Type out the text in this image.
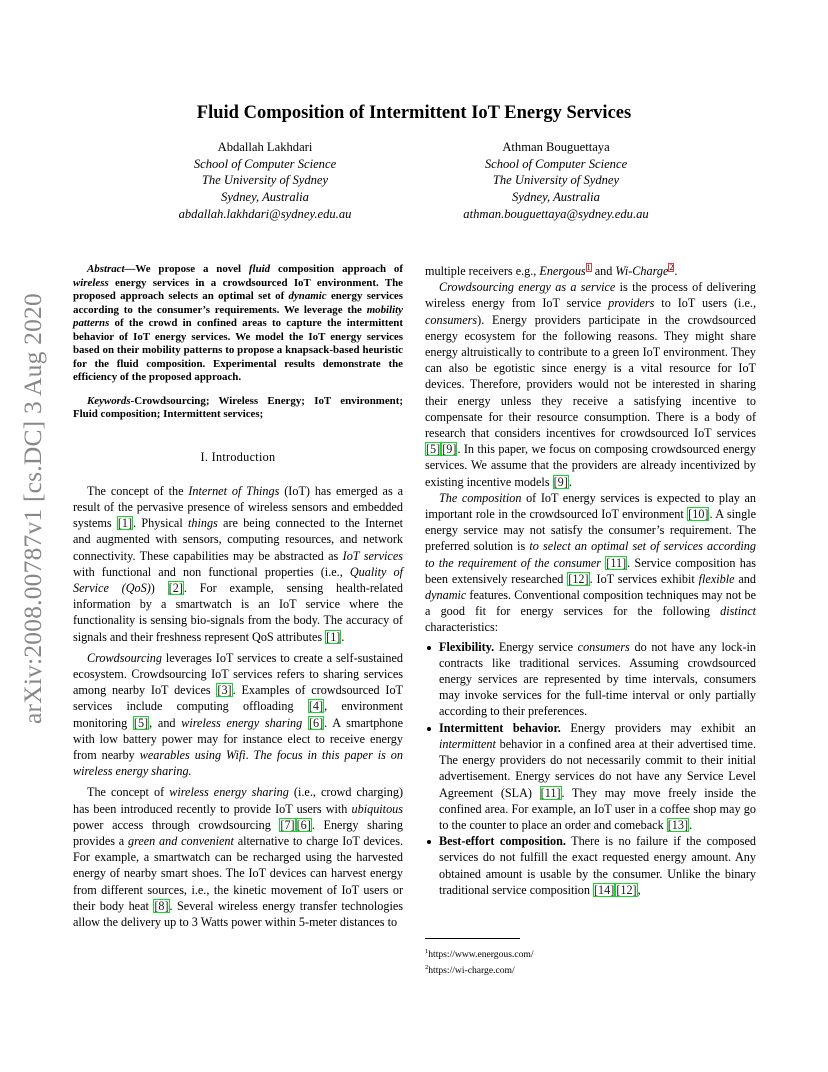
arXiv:2008.00787v1 [cs.DC] 3 Aug 2020
Fluid Composition of Intermittent IoT Energy Services
Abdallah Lakhdari
School of Computer Science
The University of Sydney
Sydney, Australia
abdallah.lakhdari@sydney.edu.au
Athman Bouguettaya
School of Computer Science
The University of Sydney
Sydney, Australia
athman.bouguettaya@sydney.edu.au

Abstract—We propose a novel fluid composition approach of wireless energy services in a crowdsourced IoT environment. The proposed approach selects an optimal set of dynamic energy services according to the consumer’s requirements. We leverage the mobility patterns of the crowd in confined areas to capture the intermittent behavior of IoT energy services. We model the IoT energy services based on their mobility patterns to propose a knapsack-based heuristic for the fluid composition. Experimental results demonstrate the efficiency of the proposed approach.

Keywords-Crowdsourcing; Wireless Energy; IoT environment; Fluid composition; Intermittent services;

I. Introduction

The concept of the Internet of Things (IoT) has emerged as a result of the pervasive presence of wireless sensors and embedded systems [1]. Physical things are being connected to the Internet and augmented with sensors, computing resources, and network connectivity. These capabilities may be abstracted as IoT services with functional and non functional properties (i.e., Quality of Service (QoS)) [2]. For example, sensing health-related information by a smartwatch is an IoT service where the functionality is sensing bio-signals from the body. The accuracy of signals and their freshness represent QoS attributes [1].

Crowdsourcing leverages IoT services to create a self-sustained ecosystem. Crowdsourcing IoT services refers to sharing services among nearby IoT devices [3]. Examples of crowdsourced IoT services include computing offloading [4], environment monitoring [5], and wireless energy sharing [6]. A smartphone with low battery power may for instance elect to receive energy from nearby wearables using Wifi. The focus in this paper is on wireless energy sharing.

The concept of wireless energy sharing (i.e., crowd charging) has been introduced recently to provide IoT users with ubiquitous power access through crowdsourcing [7] [6]. Energy sharing provides a green and convenient alternative to charge IoT devices. For example, a smartwatch can be recharged using the harvested energy of nearby smart shoes. The IoT devices can harvest energy from different sources, i.e., the kinetic movement of IoT users or their body heat [8]. Several wireless energy transfer technologies allow the delivery up to 3 Watts power within 5-meter distances to

multiple receivers e.g., Energous$^1$ and Wi-Charge$^2$.

Crowdsourcing energy as a service is the process of delivering wireless energy from IoT service providers to IoT users (i.e., consumers). Energy providers participate in the crowdsourced energy ecosystem for the following reasons. They might share energy altruistically to contribute to a green IoT environment. They can also be egotistic since energy is a vital resource for IoT devices. Therefore, providers would not be interested in sharing their energy unless they receive a satisfying incentive to compensate for their resource consumption. There is a body of research that considers incentives for crowdsourced IoT services [5] [9]. In this paper, we focus on composing crowdsourced energy services. We assume that the providers are already incentivized by existing incentive models [9].

The composition of IoT energy services is expected to play an important role in the crowdsourced IoT environment [10]. A single energy service may not satisfy the consumer’s requirement. The preferred solution is to select an optimal set of services according to the requirement of the consumer [11]. Service composition has been extensively researched [12]. IoT services exhibit flexible and dynamic features. Conventional composition techniques may not be a good fit for energy services for the following distinct characteristics:

Flexibility. Energy service consumers do not have any lock-in contracts like traditional services. Assuming crowdsourced energy services are represented by time intervals, consumers may invoke services for the full-time interval or only partially according to their preferences.
Intermittent behavior. Energy providers may exhibit an intermittent behavior in a confined area at their advertised time. The energy providers do not necessarily commit to their initial advertisement. Energy services do not have any Service Level Agreement (SLA) [11]. They may move freely inside the confined area. For example, an IoT user in a coffee shop may go to the counter to place an order and comeback [13].
Best-effort composition. There is no failure if the composed services do not fulfill the exact requested energy amount. Any obtained amount is usable by the consumer. Unlike the binary traditional service composition [14] [12],
$^1$https://www.energous.com/
$^2$https://wi-charge.com/
